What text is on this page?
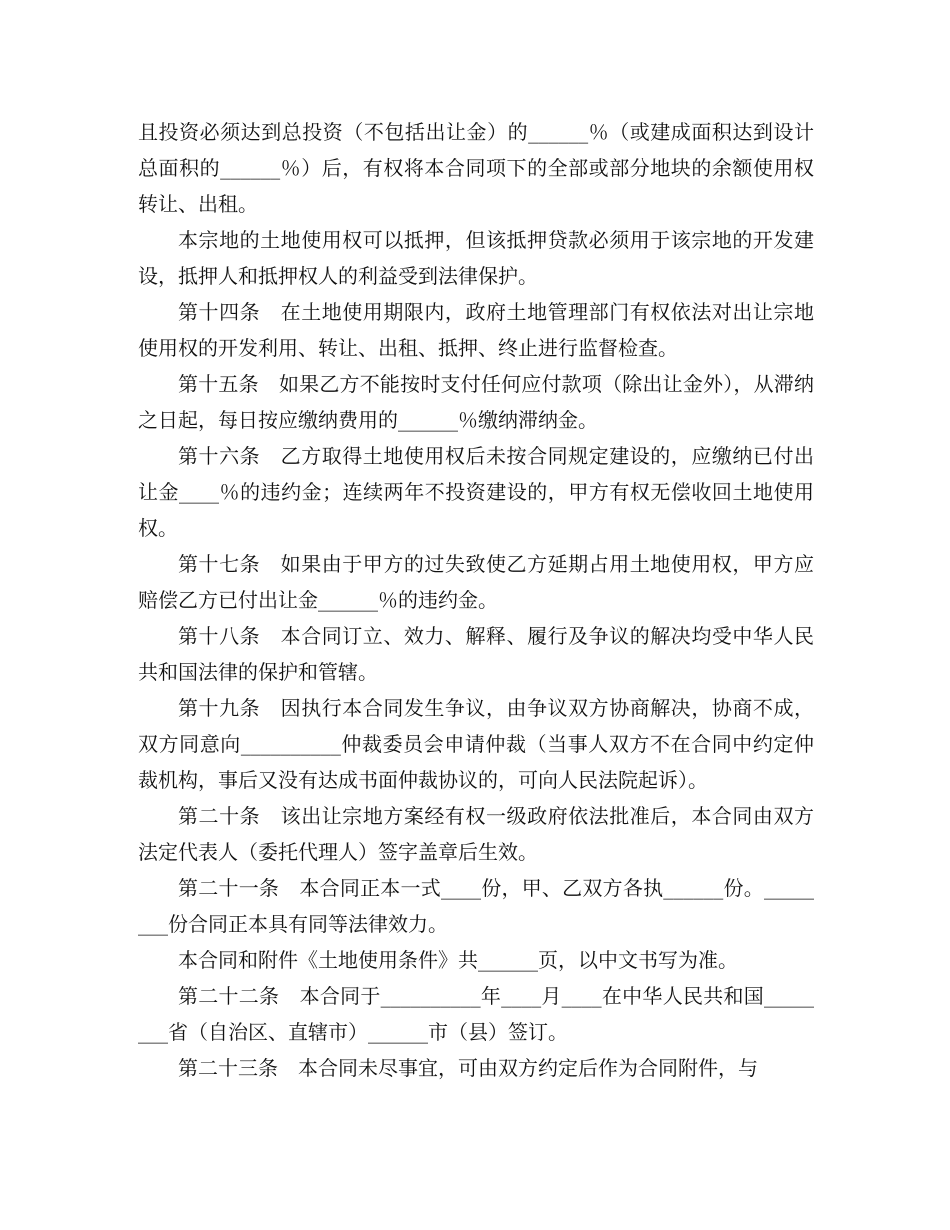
且投资必须达到总投资（不包括出让金）的______％（或建成面积达到设计总面积的______％）后，有权将本合同项下的全部或部分地块的余额使用权转让、出租。

本宗地的土地使用权可以抵押，但该抵押贷款必须用于该宗地的开发建设，抵押人和抵押权人的利益受到法律保护。

第十四条　在土地使用期限内，政府土地管理部门有权依法对出让宗地使用权的开发利用、转让、出租、抵押、终止进行监督检查。

第十五条　如果乙方不能按时支付任何应付款项（除出让金外），从滞纳之日起，每日按应缴纳费用的______％缴纳滞纳金。

第十六条　乙方取得土地使用权后未按合同规定建设的，应缴纳已付出让金____％的违约金；连续两年不投资建设的，甲方有权无偿收回土地使用权。

第十七条　如果由于甲方的过失致使乙方延期占用土地使用权，甲方应赔偿乙方已付出让金______％的违约金。

第十八条　本合同订立、效力、解释、履行及争议的解决均受中华人民共和国法律的保护和管辖。

第十九条　因执行本合同发生争议，由争议双方协商解决，协商不成，双方同意向__________仲裁委员会申请仲裁（当事人双方不在合同中约定仲裁机构，事后又没有达成书面仲裁协议的，可向人民法院起诉）。

第二十条　该出让宗地方案经有权一级政府依法批准后，本合同由双方法定代表人（委托代理人）签字盖章后生效。

第二十一条　本合同正本一式____份，甲、乙双方各执______份。________份合同正本具有同等法律效力。

本合同和附件《土地使用条件》共______页，以中文书写为准。

第二十二条　本合同于__________年____月____在中华人民共和国________省（自治区、直辖市）______市（县）签订。

第二十三条　本合同未尽事宜，可由双方约定后作为合同附件，与
